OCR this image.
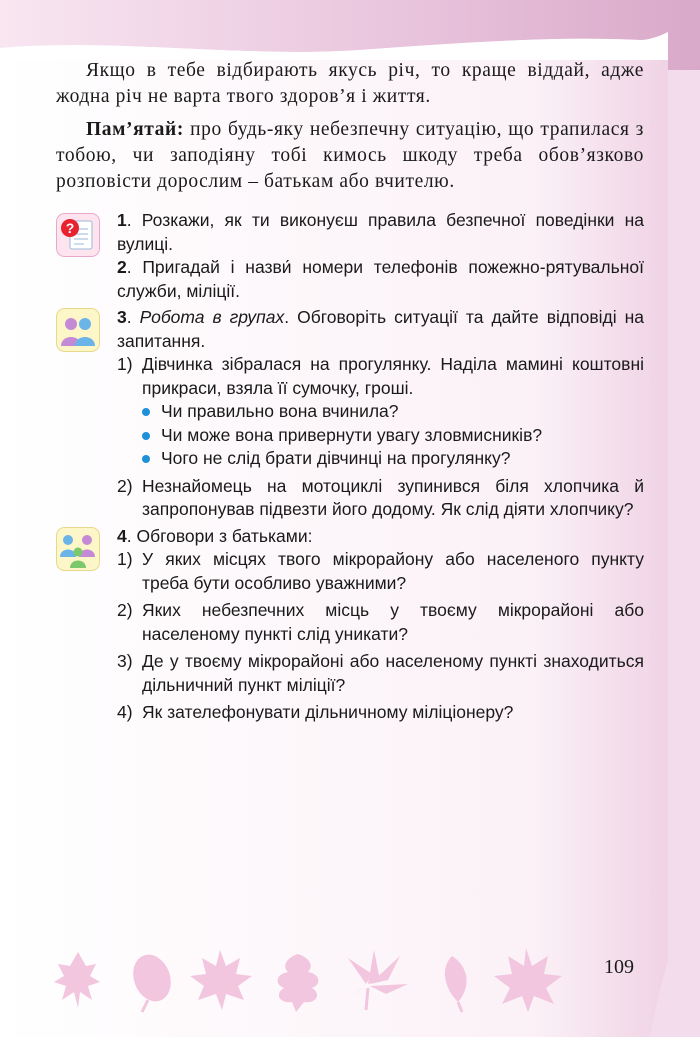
Якщо в тебе відбирають якусь річ, то краще віддай, адже жодна річ не варта твого здоров’я і життя.

Пам’ятай: про будь-яку небезпечну ситуацію, що трапилася з тобою, чи заподіяну тобі кимось шкоду треба обов’язково розповісти дорослим – батькам або вчителю.

? 1. Розкажи, як ти виконуєш правила безпечної поведінки на вулиці.
2. Пригадай і назви́ номери телефонів пожежно-рятувальної служби, міліції.
3. Робота в групах. Обговоріть ситуації та дайте відповіді на запитання.
1) Дівчинка зібралася на прогулянку. Наділа мамині коштовні прикраси, взяла її сумочку, гроші.
Чи правильно вона вчинила?
Чи може вона привернути увагу зловмисників?
Чого не слід брати дівчинці на прогулянку?
2) Незнайомець на мотоциклі зупинився біля хлопчика й запропонував підвезти його додому. Як слід діяти хлопчику?
4. Обговори з батьками:
1) У яких місцях твого мікрорайону або населеного пункту треба бути особливо уважними?
2) Яких небезпечних місць у твоєму мікрорайоні або населеному пункті слід уникати?
3) Де у твоєму мікрорайоні або населеному пункті знаходиться дільничний пункт міліції?
4) Як зателефонувати дільничному міліціонеру?
109
